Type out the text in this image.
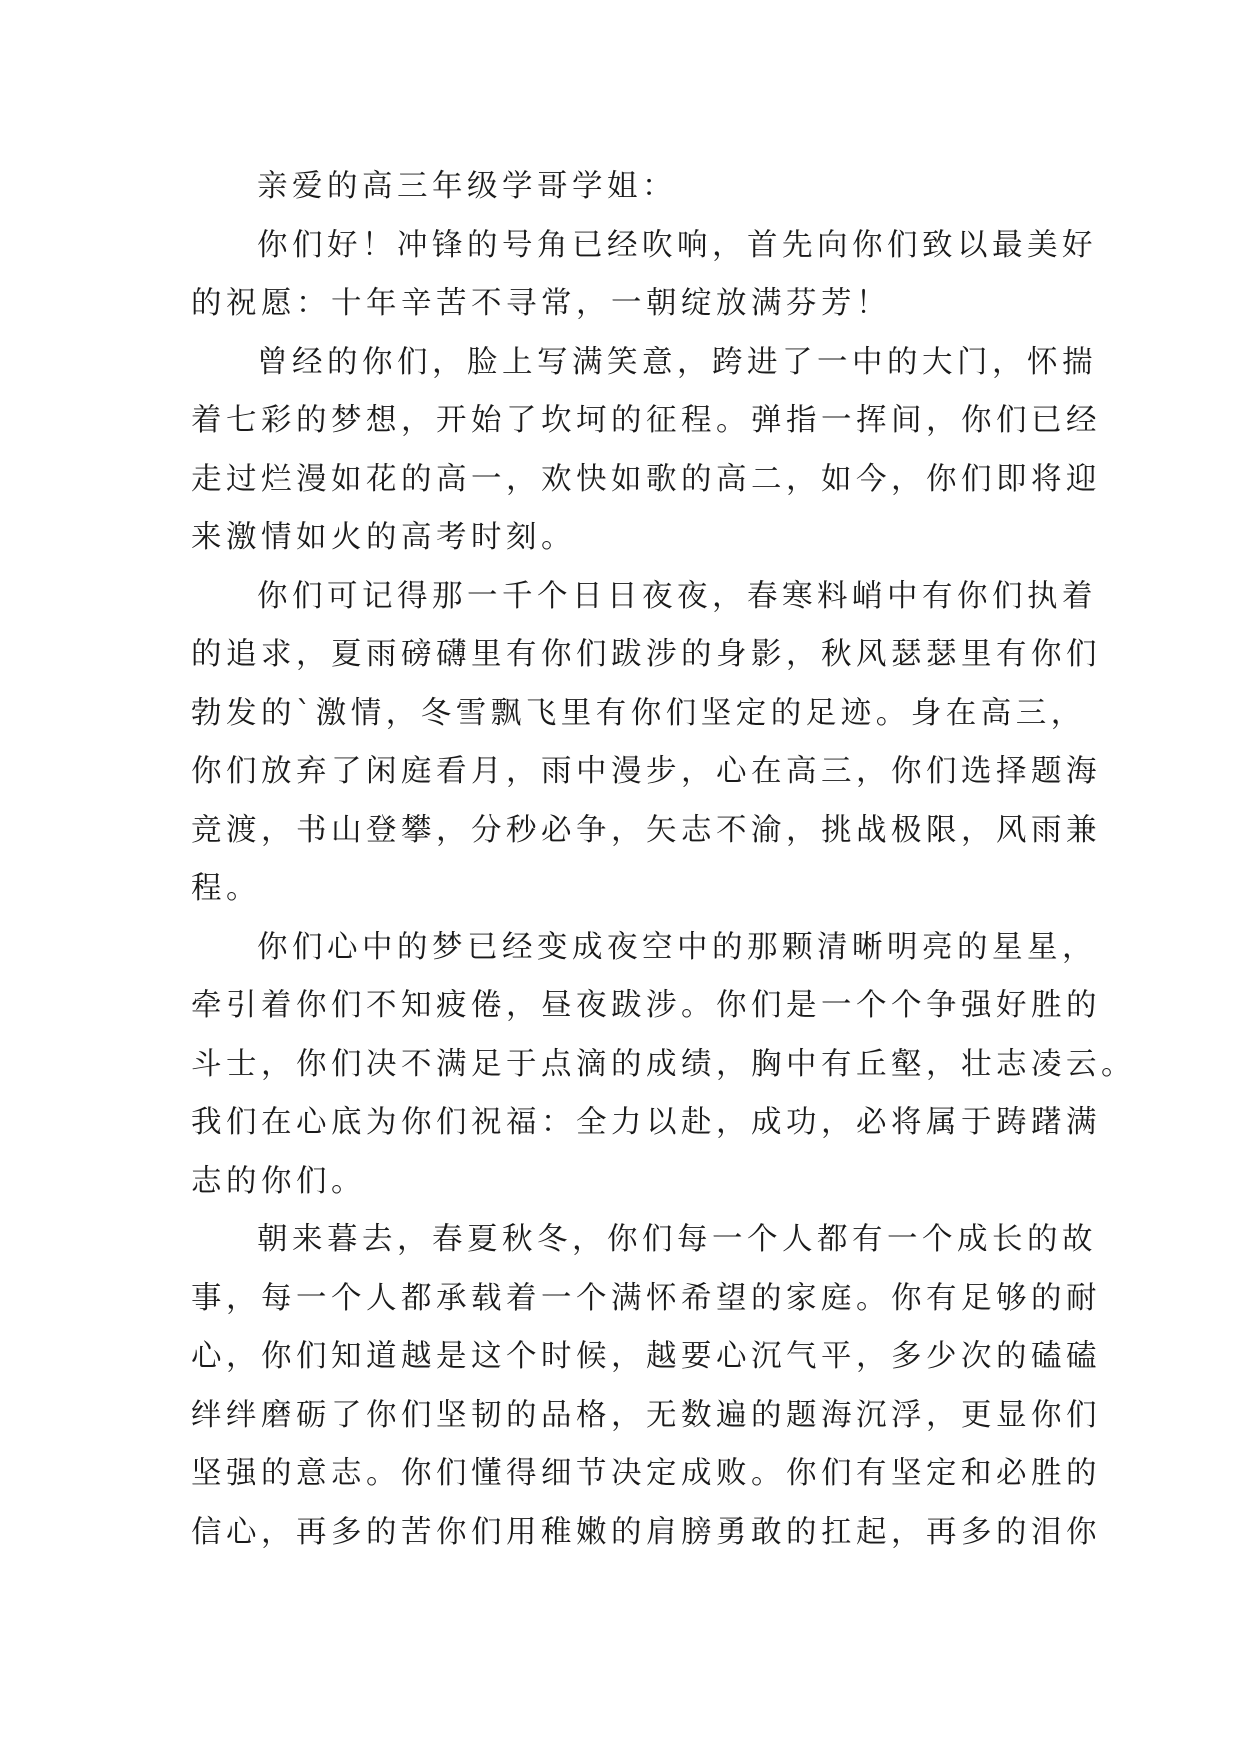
亲爱的高三年级学哥学姐：
你们好！冲锋的号角已经吹响，首先向你们致以最美好
的祝愿：十年辛苦不寻常，一朝绽放满芬芳！
曾经的你们，脸上写满笑意，跨进了一中的大门，怀揣
着七彩的梦想，开始了坎坷的征程。弹指一挥间，你们已经
走过烂漫如花的高一，欢快如歌的高二，如今，你们即将迎
来激情如火的高考时刻。
你们可记得那一千个日日夜夜，春寒料峭中有你们执着
的追求，夏雨磅礴里有你们跋涉的身影，秋风瑟瑟里有你们
勃发的`激情，冬雪飘飞里有你们坚定的足迹。身在高三，
你们放弃了闲庭看月，雨中漫步，心在高三，你们选择题海
竞渡，书山登攀，分秒必争，矢志不渝，挑战极限，风雨兼
程。
你们心中的梦已经变成夜空中的那颗清晰明亮的星星，
牵引着你们不知疲倦，昼夜跋涉。你们是一个个争强好胜的
斗士，你们决不满足于点滴的成绩，胸中有丘壑，壮志凌云。
我们在心底为你们祝福：全力以赴，成功，必将属于踌躇满
志的你们。
朝来暮去，春夏秋冬，你们每一个人都有一个成长的故
事，每一个人都承载着一个满怀希望的家庭。你有足够的耐
心，你们知道越是这个时候，越要心沉气平，多少次的磕磕
绊绊磨砺了你们坚韧的品格，无数遍的题海沉浮，更显你们
坚强的意志。你们懂得细节决定成败。你们有坚定和必胜的
信心，再多的苦你们用稚嫩的肩膀勇敢的扛起，再多的泪你
